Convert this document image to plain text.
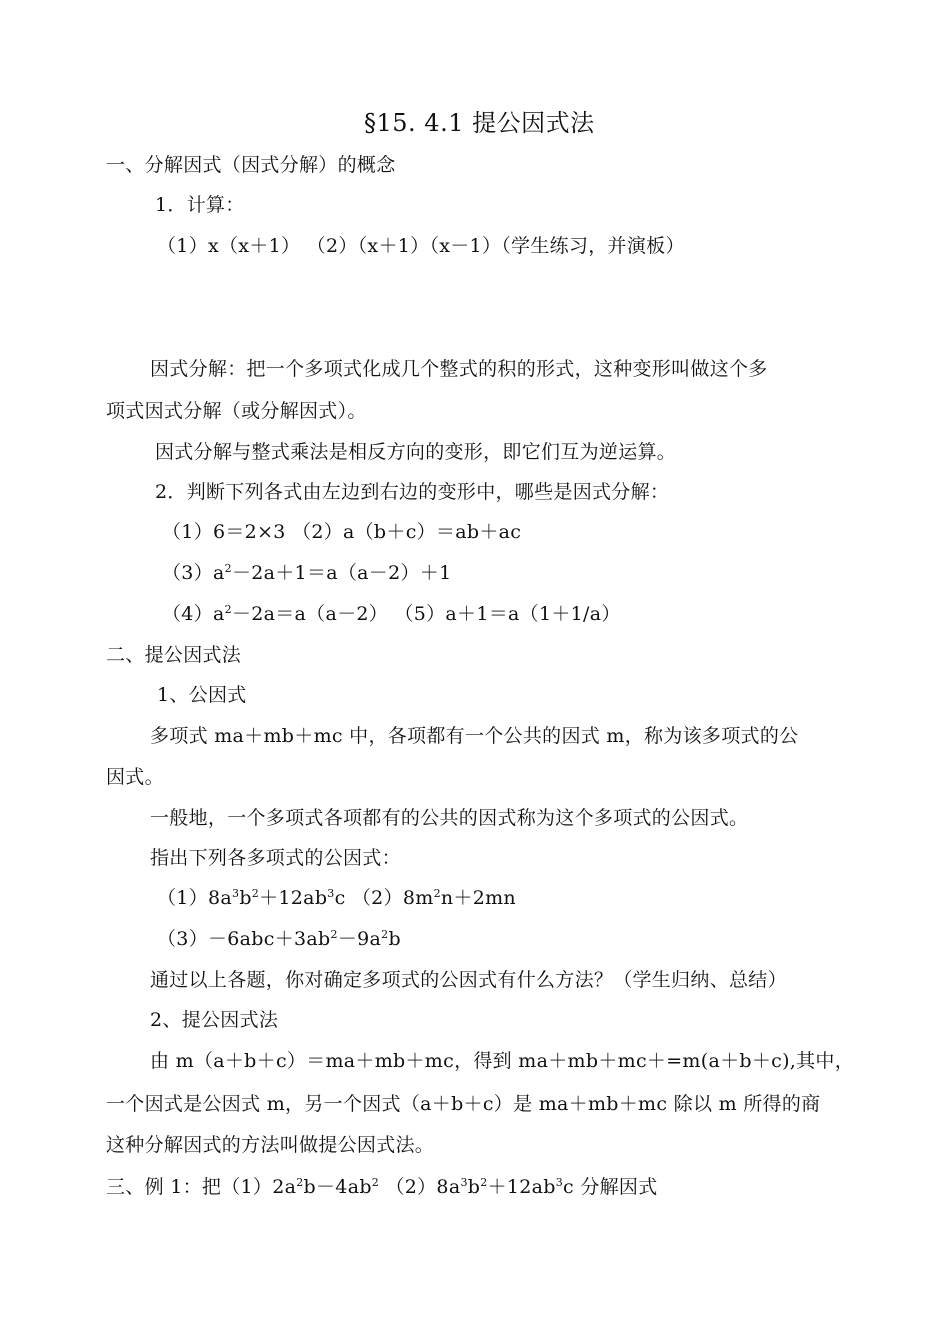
§15. 4.1 提公因式法
一、分解因式（因式分解）的概念
1．计算：
（1）x（x＋1） （2）（x＋1）（x－1）（学生练习，并演板）
因式分解：把一个多项式化成几个整式的积的形式，这种变形叫做这个多
项式因式分解（或分解因式）。
因式分解与整式乘法是相反方向的变形，即它们互为逆运算。
2．判断下列各式由左边到右边的变形中，哪些是因式分解：
（1）6＝2×3 （2）a（b＋c）＝ab＋ac
$(3)a^2-2a+1=a(a-2)+1$
$(4)a^2-2a=a(a-2)$ （5）a＋1＝a（1＋1/a）
二、提公因式法
1、公因式
多项式 ma＋mb＋mc 中，各项都有一个公共的因式 m，称为该多项式的公
因式。
一般地，一个多项式各项都有的公共的因式称为这个多项式的公因式。
指出下列各多项式的公因式：
$(1)8a^3b^2+12ab^3c$ $(2)8m^2n+2mn$
$(3)-6abc+3ab^2-9a^2b$
通过以上各题，你对确定多项式的公因式有什么方法？（学生归纳、总结）
2、提公因式法
由 m（a＋b＋c）＝ma＋mb＋mc，得到 ma＋mb＋mc＋=m(a＋b＋c),其中，
一个因式是公因式 m，另一个因式（a＋b＋c）是 ma＋mb＋mc 除以 m 所得的商
这种分解因式的方法叫做提公因式法。
三、例 1：把$(1)2a^2b-4ab^2$ $(2)8a^3b^2+12ab^3c$ 分解因式
